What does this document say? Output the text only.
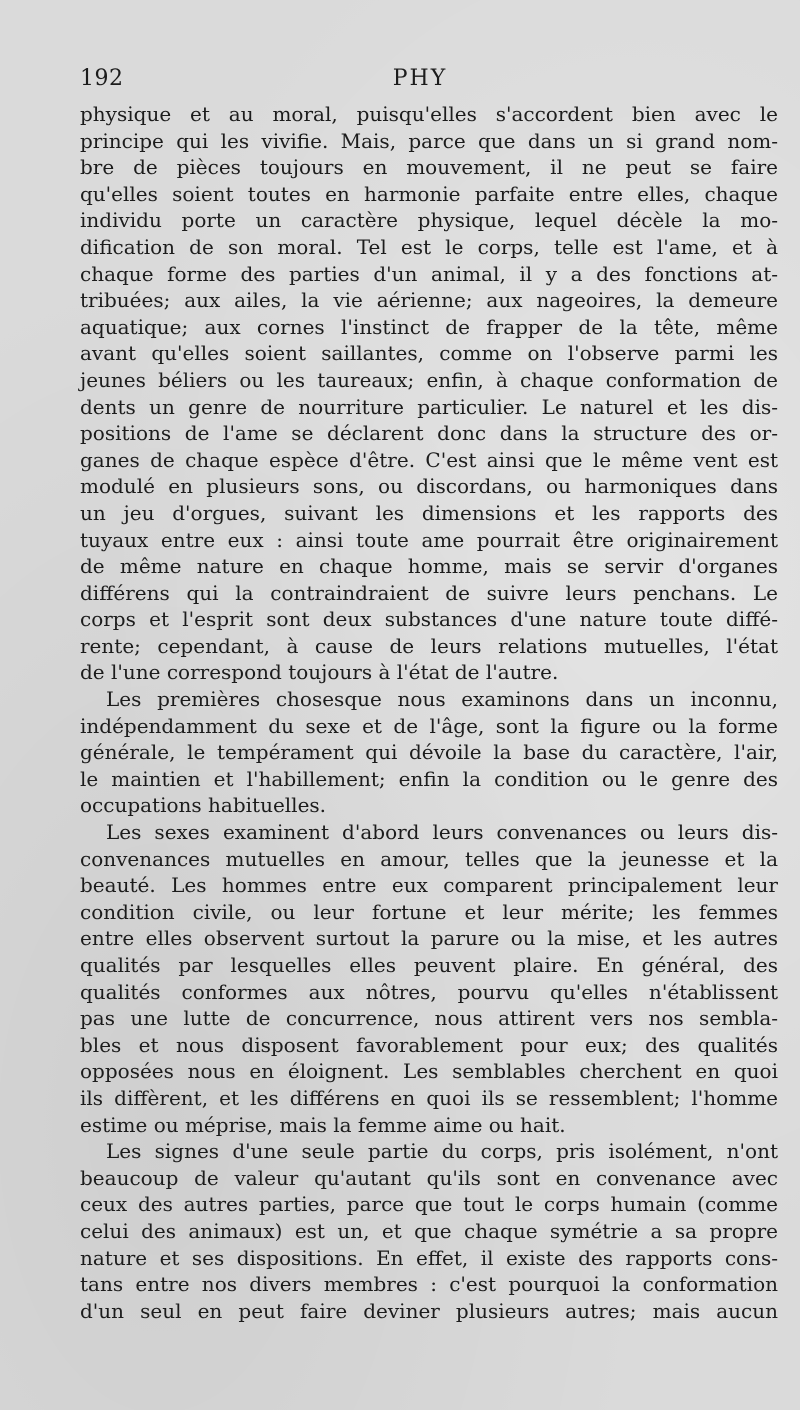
192	PHY
physique et au moral, puisqu'elles s'accordent bien avec le
principe qui les vivifie. Mais, parce que dans un si grand nom-
bre de pièces toujours en mouvement, il ne peut se faire
qu'elles soient toutes en harmonie parfaite entre elles, chaque
individu porte un caractère physique, lequel décèle la mo-
dification de son moral. Tel est le corps, telle est l'ame, et à
chaque forme des parties d'un animal, il y a des fonctions at-
tribuées; aux ailes, la vie aérienne; aux nageoires, la demeure
aquatique; aux cornes l'instinct de frapper de la tête, même
avant qu'elles soient saillantes, comme on l'observe parmi les
jeunes béliers ou les taureaux; enfin, à chaque conformation de
dents un genre de nourriture particulier. Le naturel et les dis-
positions de l'ame se déclarent donc dans la structure des or-
ganes de chaque espèce d'être. C'est ainsi que le même vent est
modulé en plusieurs sons, ou discordans, ou harmoniques dans
un jeu d'orgues, suivant les dimensions et les rapports des
tuyaux entre eux : ainsi toute ame pourrait être originairement
de même nature en chaque homme, mais se servir d'organes
différens qui la contraindraient de suivre leurs penchans. Le
corps et l'esprit sont deux substances d'une nature toute diffé-
rente; cependant, à cause de leurs relations mutuelles, l'état
de l'une correspond toujours à l'état de l'autre.
Les premières chosesque nous examinons dans un inconnu,
indépendamment du sexe et de l'âge, sont la figure ou la forme
générale, le tempérament qui dévoile la base du caractère, l'air,
le maintien et l'habillement; enfin la condition ou le genre des
occupations habituelles.
Les sexes examinent d'abord leurs convenances ou leurs dis-
convenances mutuelles en amour, telles que la jeunesse et la
beauté. Les hommes entre eux comparent principalement leur
condition civile, ou leur fortune et leur mérite; les femmes
entre elles observent surtout la parure ou la mise, et les autres
qualités par lesquelles elles peuvent plaire. En général, des
qualités conformes aux nôtres, pourvu qu'elles n'établissent
pas une lutte de concurrence, nous attirent vers nos sembla-
bles et nous disposent favorablement pour eux; des qualités
opposées nous en éloignent. Les semblables cherchent en quoi
ils diffèrent, et les différens en quoi ils se ressemblent; l'homme
estime ou méprise, mais la femme aime ou hait.
Les signes d'une seule partie du corps, pris isolément, n'ont
beaucoup de valeur qu'autant qu'ils sont en convenance avec
ceux des autres parties, parce que tout le corps humain (comme
celui des animaux) est un, et que chaque symétrie a sa propre
nature et ses dispositions. En effet, il existe des rapports cons-
tans entre nos divers membres : c'est pourquoi la conformation
d'un seul en peut faire deviner plusieurs autres; mais aucun
